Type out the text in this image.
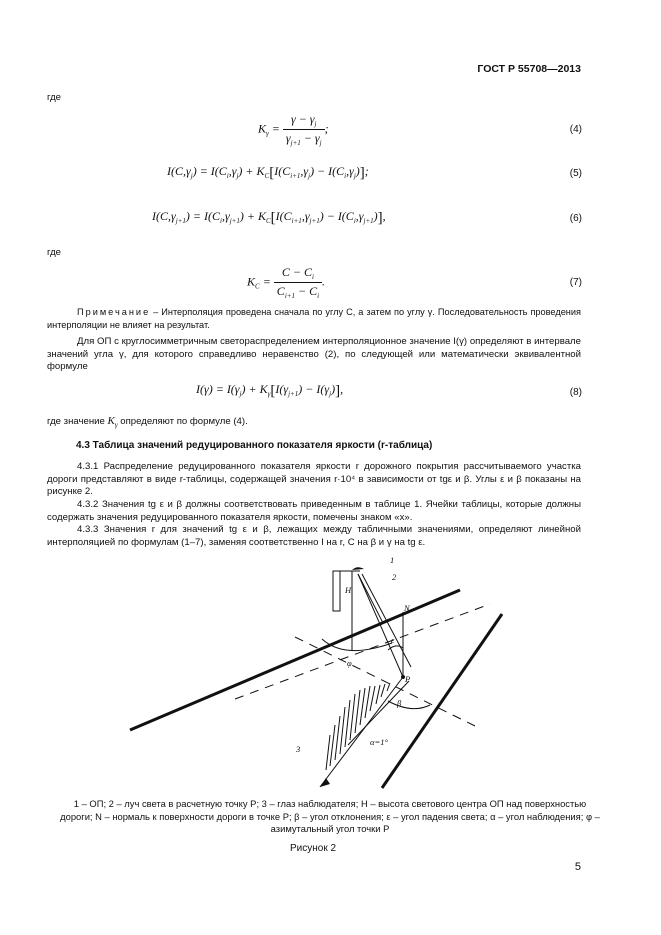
ГОСТ Р 55708—2013
где
$K_\gamma = \frac{\gamma - \gamma_j}{\gamma_{j+1} - \gamma_j}$ ;	(4)
$I(C,\gamma_j) = I(C_i,\gamma_j) + K_C[I(C_{i+1},\gamma_j) - I(C_i,\gamma_j)]$;	(5)
$I(C,\gamma_{j+1}) = I(C_i,\gamma_{j+1}) + K_C[I(C_{i+1},\gamma_{j+1}) - I(C_i,\gamma_{j+1})]$,	(6)
где
$K_C = \frac{C - C_i}{C_{i+1} - C_i}$ .	(7)
Примечание – Интерполяция проведена сначала по углу C, а затем по углу γ. Последовательность проведения интерполяции не влияет на результат.
Для ОП с круглосимметричным светораспределением интерполяционное значение I(γ) определяют в интервале значений угла γ, для которого справедливо неравенство (2), по следующей или математически эквивалентной формуле
$I(\gamma) = I(\gamma_j) + K_\gamma[I(\gamma_{j+1}) - I(\gamma_j)]$,	(8)
где значение $K_\gamma$ определяют по формуле (4).
4.3 Таблица значений редуцированного показателя яркости (r-таблица)
4.3.1 Распределение редуцированного показателя яркости r дорожного покрытия рассчитываемого участка дороги представляют в виде r-таблицы, содержащей значения r·10⁴ в зависимости от tgε и β. Углы ε и β показаны на рисунке 2.
4.3.2 Значения tg ε и β должны соответствовать приведенным в таблице 1. Ячейки таблицы, которые должны содержать значения редуцированного показателя яркости, помечены знаком «x».
4.3.3 Значения r для значений tg ε и β, лежащих между табличными значениями, определяют линейной интерполяцией по формулам (1–7), заменяя соответственно I на r, C на β и γ на tg ε.
1
2
3
H
N
ε
φ
P
β
α=1°
1 – ОП; 2 – луч света в расчетную точку P; 3 – глаз наблюдателя; H – высота светового центра ОП над поверхностью дороги; N – нормаль к поверхности дороги в точке P; β – угол отклонения; ε – угол падения света; α – угол наблюдения; φ – азимутальный угол точки P
Рисунок 2
5
